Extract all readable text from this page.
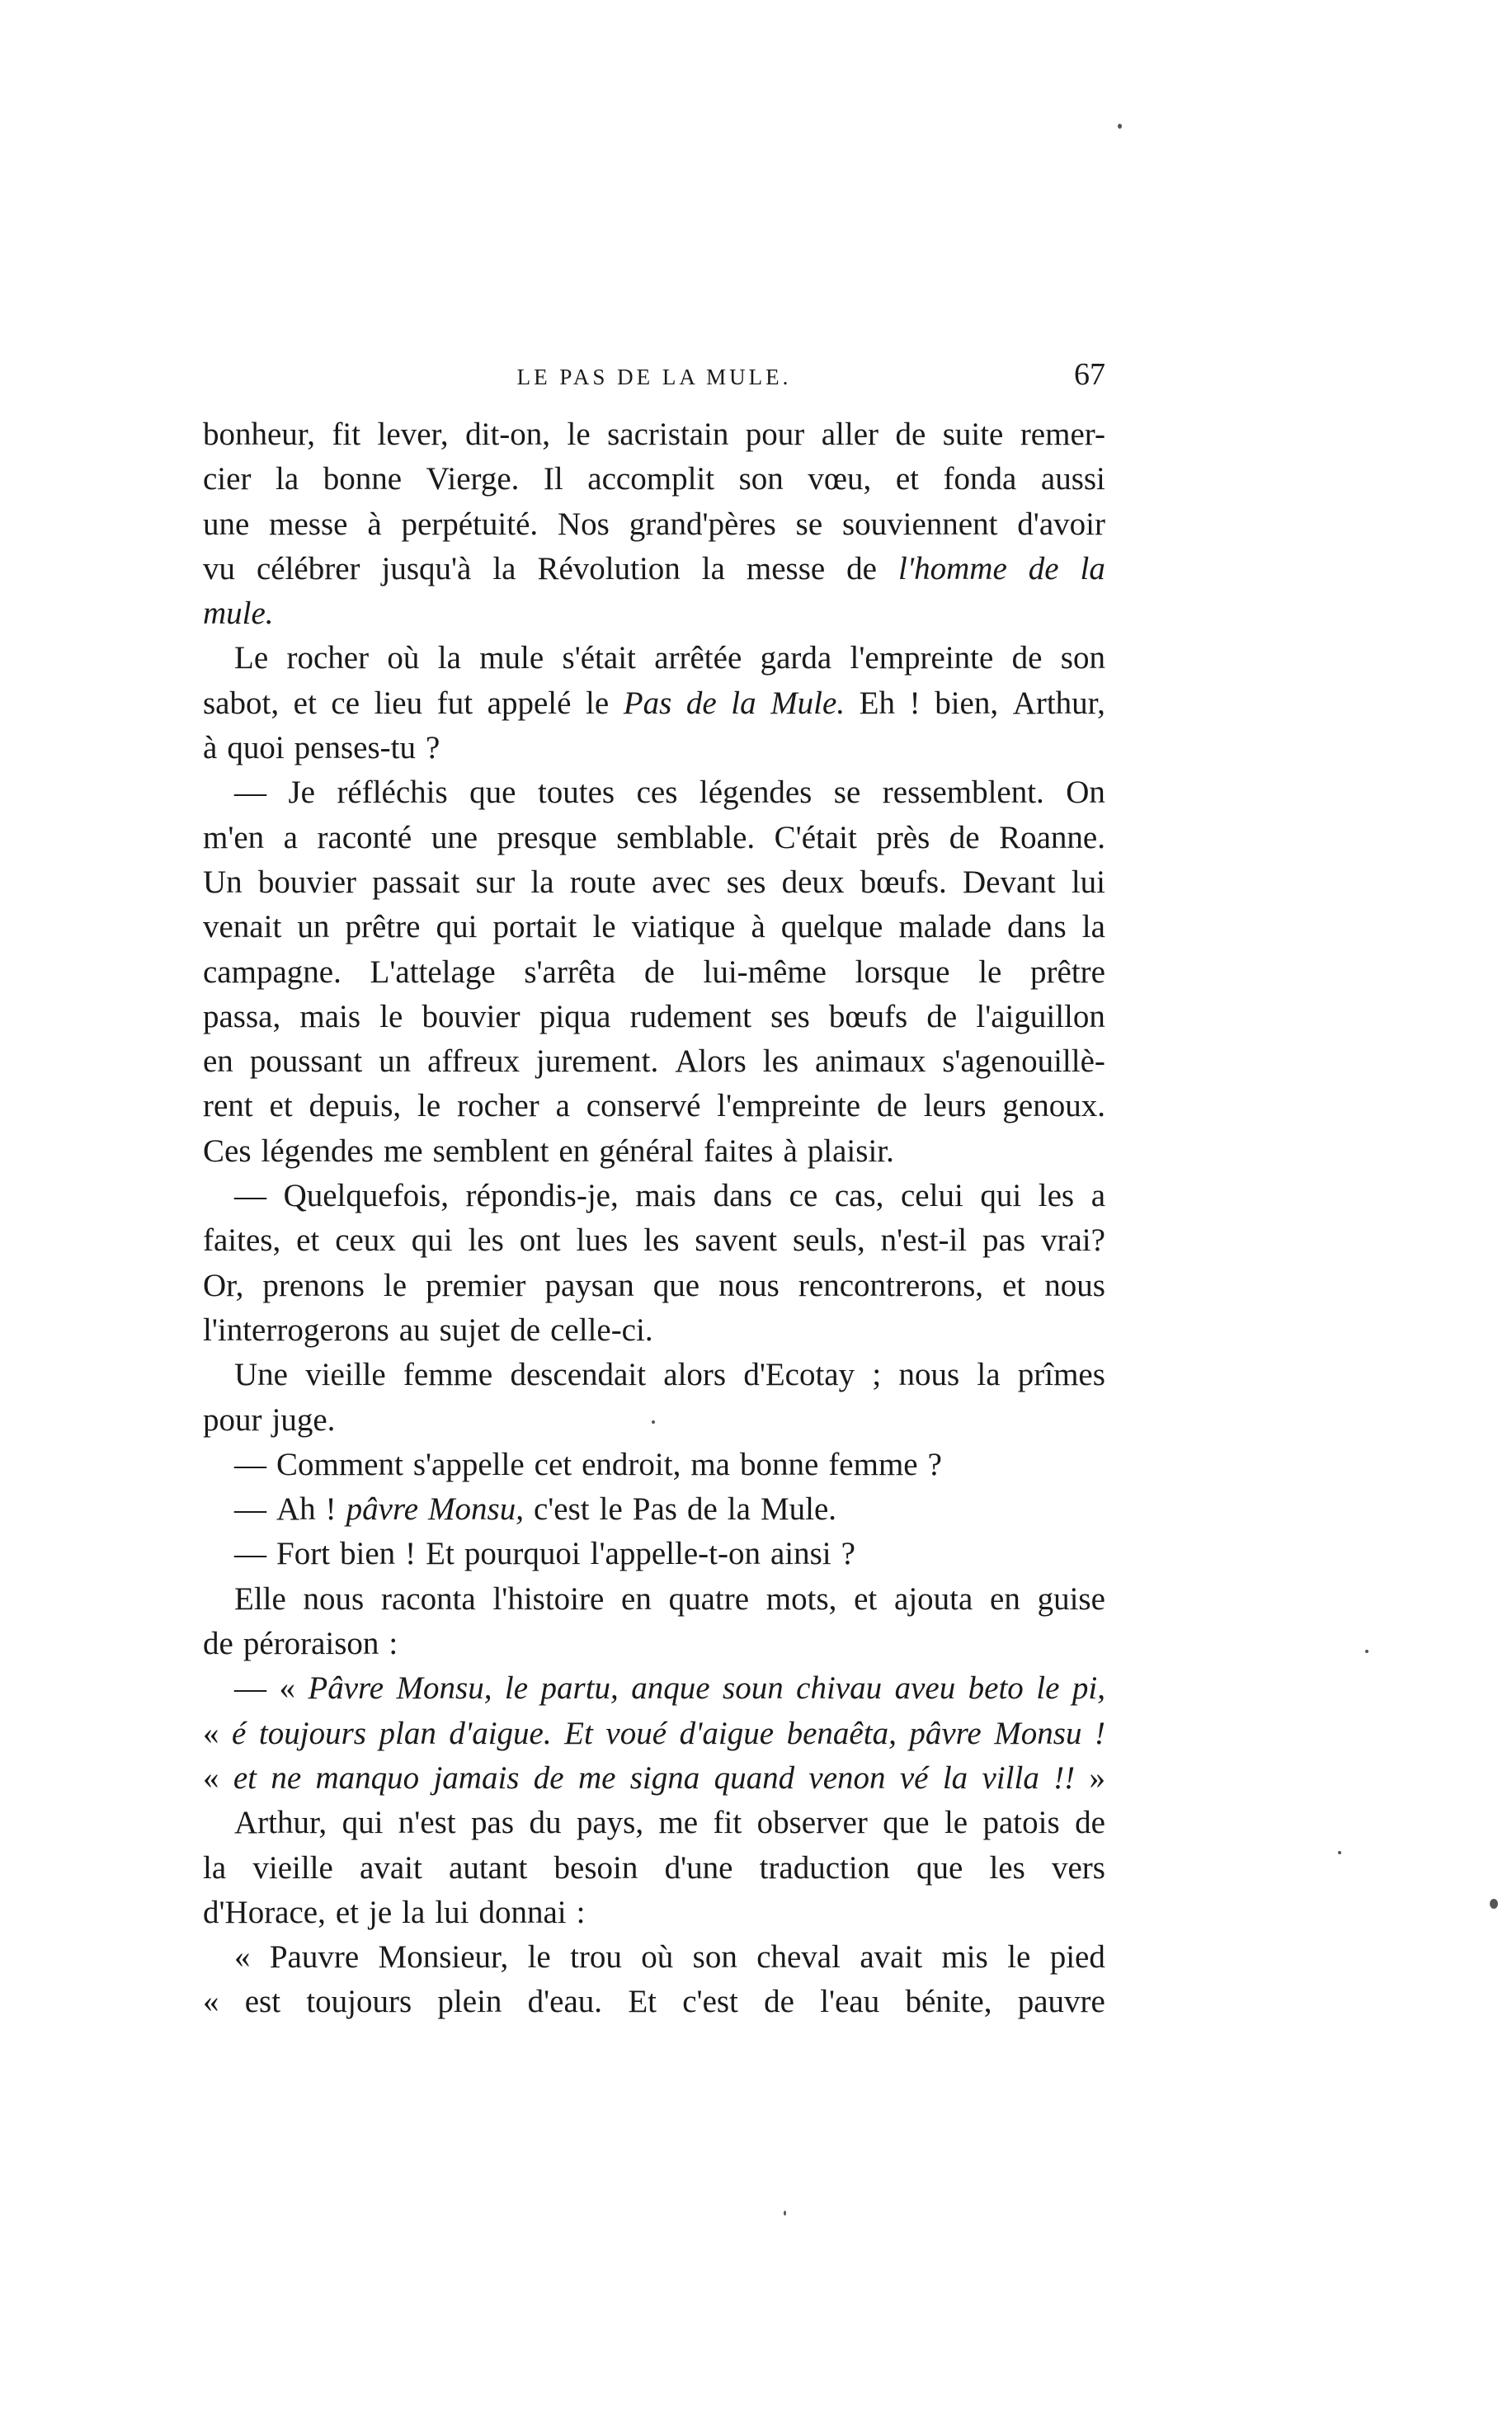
LE PAS DE LA MULE.	67
bonheur, fit lever, dit-on, le sacristain pour aller de suite remer-
cier la bonne Vierge. Il accomplit son vœu, et fonda aussi
une messe à perpétuité. Nos grand'pères se souviennent d'avoir
vu célébrer jusqu'à la Révolution la messe de l'homme de la
mule.
Le rocher où la mule s'était arrêtée garda l'empreinte de son
sabot, et ce lieu fut appelé le Pas de la Mule. Eh ! bien, Arthur,
à quoi penses-tu ?
— Je réfléchis que toutes ces légendes se ressemblent. On
m'en a raconté une presque semblable. C'était près de Roanne.
Un bouvier passait sur la route avec ses deux bœufs. Devant lui
venait un prêtre qui portait le viatique à quelque malade dans la
campagne. L'attelage s'arrêta de lui-même lorsque le prêtre
passa, mais le bouvier piqua rudement ses bœufs de l'aiguillon
en poussant un affreux jurement. Alors les animaux s'agenouillè-
rent et depuis, le rocher a conservé l'empreinte de leurs genoux.
Ces légendes me semblent en général faites à plaisir.
— Quelquefois, répondis-je, mais dans ce cas, celui qui les a
faites, et ceux qui les ont lues les savent seuls, n'est-il pas vrai?
Or, prenons le premier paysan que nous rencontrerons, et nous
l'interrogerons au sujet de celle-ci.
Une vieille femme descendait alors d'Ecotay ; nous la prîmes
pour juge.
— Comment s'appelle cet endroit, ma bonne femme ?
— Ah ! pâvre Monsu, c'est le Pas de la Mule.
— Fort bien ! Et pourquoi l'appelle-t-on ainsi ?
Elle nous raconta l'histoire en quatre mots, et ajouta en guise
de péroraison :
— « Pâvre Monsu, le partu, anque soun chivau aveu beto le pi,
« é toujours plan d'aigue. Et voué d'aigue benaêta, pâvre Monsu !
« et ne manquo jamais de me signa quand venon vé la villa !! »
Arthur, qui n'est pas du pays, me fit observer que le patois de
la vieille avait autant besoin d'une traduction que les vers
d'Horace, et je la lui donnai :
« Pauvre Monsieur, le trou où son cheval avait mis le pied
« est toujours plein d'eau. Et c'est de l'eau bénite, pauvre
